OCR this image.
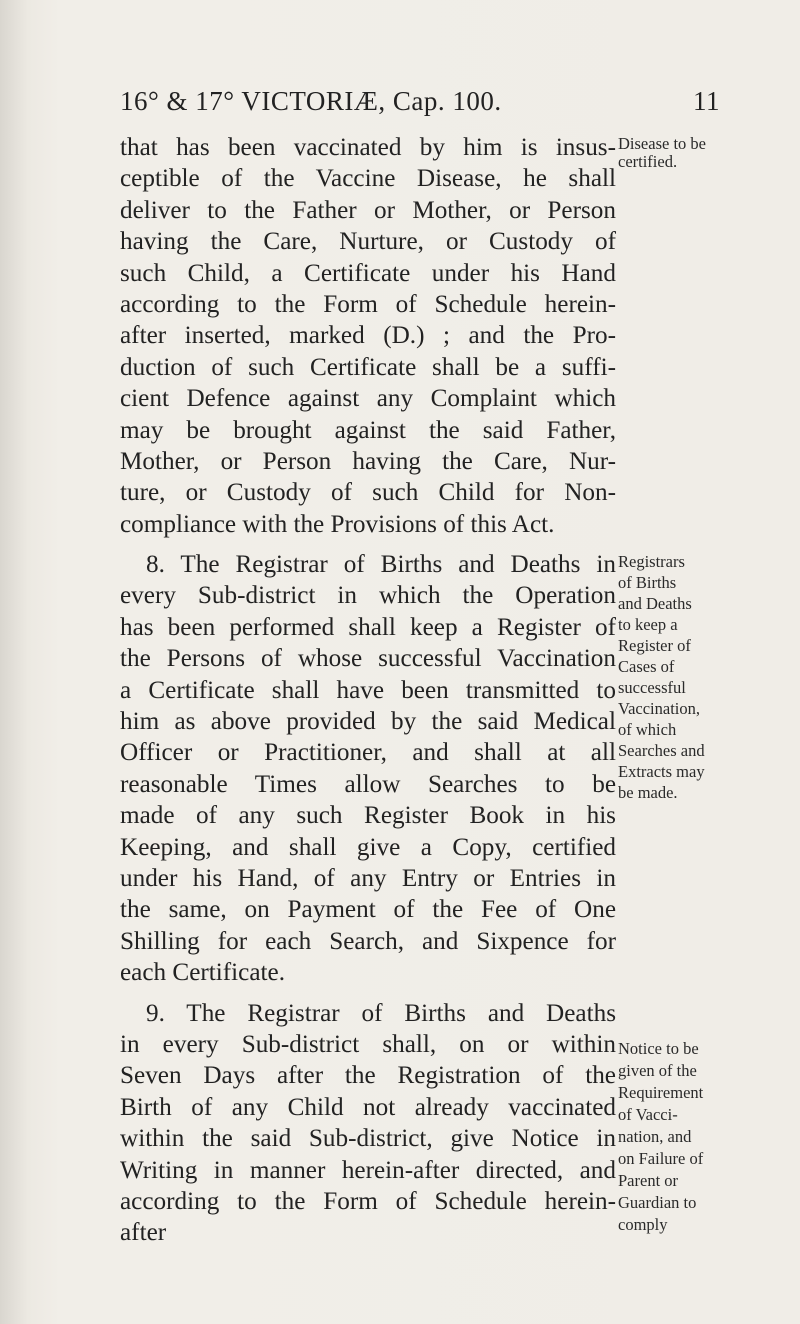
16° & 17° VICTORIÆ, Cap. 100.	11
that has been vaccinated by him is insus-
ceptible of the Vaccine Disease, he shall
deliver to the Father or Mother, or Person
having the Care, Nurture, or Custody of
such Child, a Certificate under his Hand
according to the Form of Schedule herein-
after inserted, marked (D.) ; and the Pro-
duction of such Certificate shall be a suffi-
cient Defence against any Complaint which
may be brought against the said Father,
Mother, or Person having the Care, Nur-
ture, or Custody of such Child for Non-
compliance with the Provisions of this Act.
8. The Registrar of Births and Deaths in
every Sub-district in which the Operation
has been performed shall keep a Register of
the Persons of whose successful Vaccination
a Certificate shall have been transmitted to
him as above provided by the said Medical
Officer or Practitioner, and shall at all
reasonable Times allow Searches to be
made of any such Register Book in his
Keeping, and shall give a Copy, certified
under his Hand, of any Entry or Entries in
the same, on Payment of the Fee of One
Shilling for each Search, and Sixpence for
each Certificate.
9. The Registrar of Births and Deaths
in every Sub-district shall, on or within
Seven Days after the Registration of the
Birth of any Child not already vaccinated
within the said Sub-district, give Notice in
Writing in manner herein-after directed, and
according to the Form of Schedule herein-
after
Disease to be
certified.
Registrars
of Births
and Deaths
to keep a
Register of
Cases of
successful
Vaccination,
of which
Searches and
Extracts may
be made.
Notice to be
given of the
Requirement
of Vacci-
nation, and
on Failure of
Parent or
Guardian to
comply
